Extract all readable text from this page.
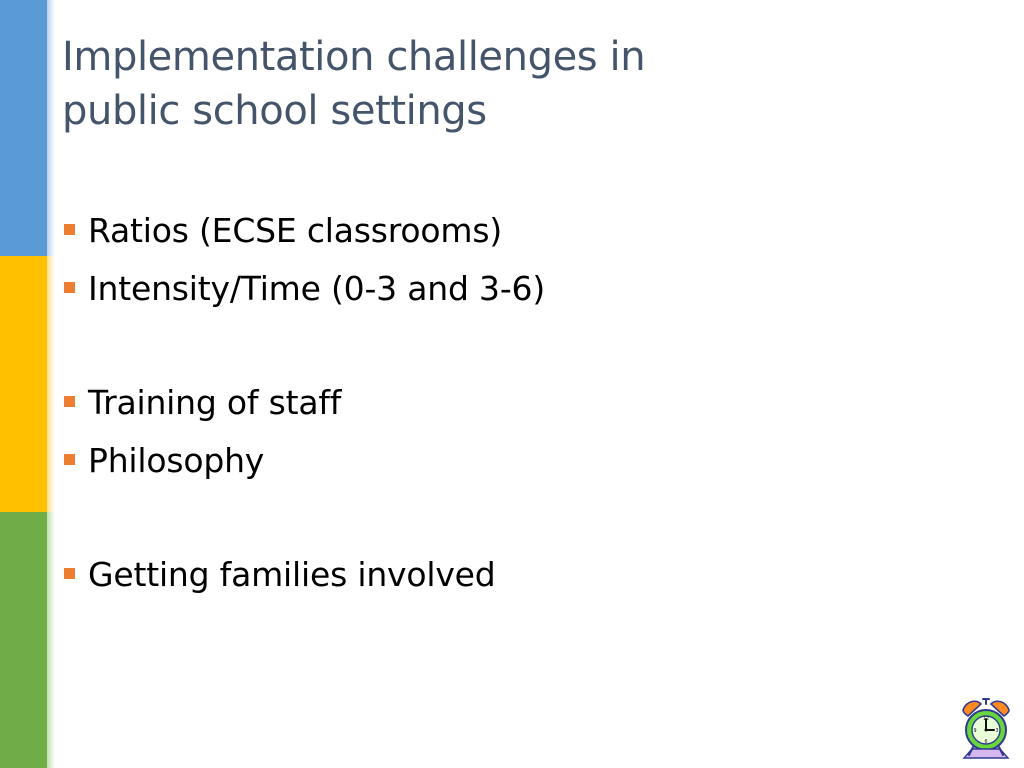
Implementation challenges in
public school settings
Ratios (ECSE classrooms)
Intensity/Time (0-3 and 3-6)
Training of staff
Philosophy
Getting families involved
12
3
6
9
